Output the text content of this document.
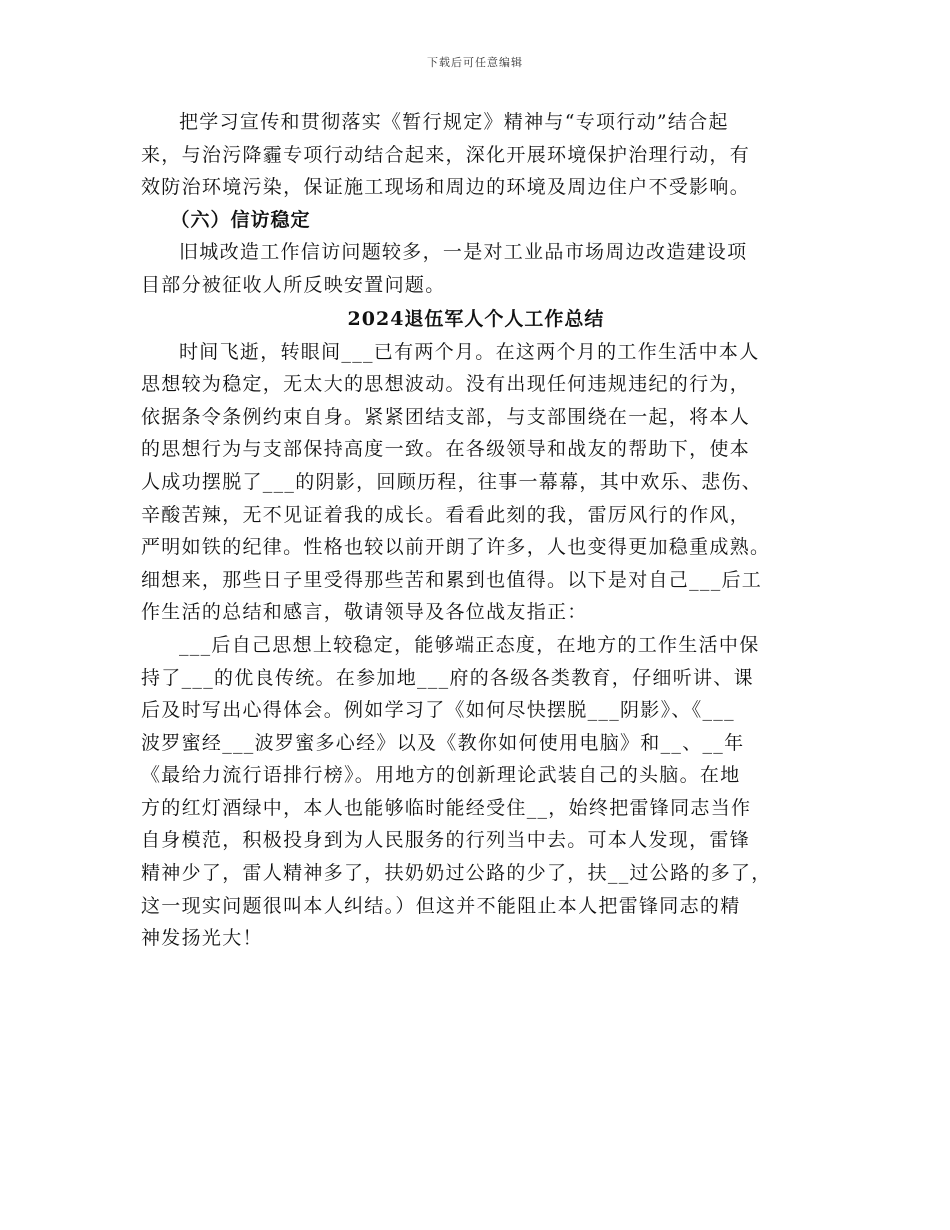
下载后可任意编辑
把学习宣传和贯彻落实《暂行规定》精神与“专项行动”结合起
来，与治污降霾专项行动结合起来，深化开展环境保护治理行动，有
效防治环境污染，保证施工现场和周边的环境及周边住户不受影响。
（六）信访稳定
旧城改造工作信访问题较多，一是对工业品市场周边改造建设项
目部分被征收人所反映安置问题。
2024退伍军人个人工作总结
时间飞逝，转眼间___已有两个月。在这两个月的工作生活中本人
思想较为稳定，无太大的思想波动。没有出现任何违规违纪的行为，
依据条令条例约束自身。紧紧团结支部，与支部围绕在一起，将本人
的思想行为与支部保持高度一致。在各级领导和战友的帮助下，使本
人成功摆脱了___的阴影，回顾历程，往事一幕幕，其中欢乐、悲伤、
辛酸苦辣，无不见证着我的成长。看看此刻的我，雷厉风行的作风，
严明如铁的纪律。性格也较以前开朗了许多，人也变得更加稳重成熟。
细想来，那些日子里受得那些苦和累到也值得。以下是对自己___后工
作生活的总结和感言，敬请领导及各位战友指正：
___后自己思想上较稳定，能够端正态度，在地方的工作生活中保
持了___的优良传统。在参加地___府的各级各类教育，仔细听讲、课
后及时写出心得体会。例如学习了《如何尽快摆脱___阴影》、《___
波罗蜜经___波罗蜜多心经》以及《教你如何使用电脑》和__、__年
《最给力流行语排行榜》。用地方的创新理论武装自己的头脑。在地
方的红灯酒绿中，本人也能够临时能经受住__，始终把雷锋同志当作
自身模范，积极投身到为人民服务的行列当中去。可本人发现，雷锋
精神少了，雷人精神多了，扶奶奶过公路的少了，扶__过公路的多了，
这一现实问题很叫本人纠结。）但这并不能阻止本人把雷锋同志的精
神发扬光大！
